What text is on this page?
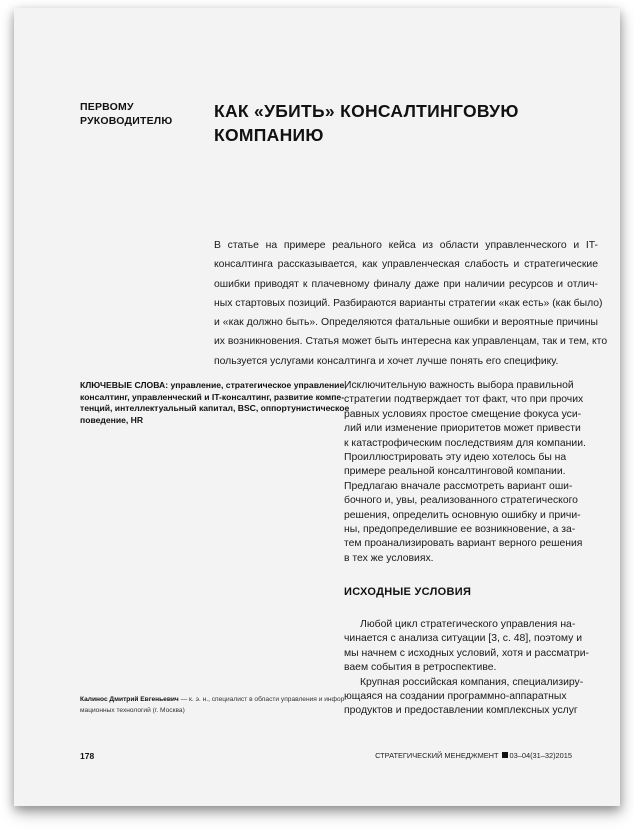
ПЕРВОМУ
РУКОВОДИТЕЛЮ	КАК «УБИТЬ» КОНСАЛТИНГОВУЮ
КОМПАНИЮ
В статье на примере реального кейса из области управленческого и IT-
консалтинга рассказывается, как управленческая слабость и стратегические
ошибки приводят к плачевному финалу даже при наличии ресурсов и отлич-
ных стартовых позиций. Разбираются варианты стратегии «как есть» (как было)
и «как должно быть». Определяются фатальные ошибки и вероятные причины
их возникновения. Статья может быть интересна как управленцам, так и тем, кто
пользуется услугами консалтинга и хочет лучше понять его специфику.
КЛЮЧЕВЫЕ СЛОВА: управление, стратегическое управление,
консалтинг, управленческий и IT-консалтинг, развитие компе-
тенций, интеллектуальный капитал, BSC, оппортунистическое
поведение, HR
Исключительную важность выбора правильной
стратегии подтверждает тот факт, что при прочих
равных условиях простое смещение фокуса уси-
лий или изменение приоритетов может привести
к катастрофическим последствиям для компании.
Проиллюстрировать эту идею хотелось бы на
примере реальной консалтинговой компании.
Предлагаю вначале рассмотреть вариант оши-
бочного и, увы, реализованного стратегического
решения, определить основную ошибку и причи-
ны, предопределившие ее возникновение, а за-
тем проанализировать вариант верного решения
в тех же условиях.
ИСХОДНЫЕ УСЛОВИЯ
Любой цикл стратегического управления на-
чинается с анализа ситуации [3, с. 48], поэтому и
мы начнем с исходных условий, хотя и рассматри-
ваем события в ретроспективе.
Крупная российская компания, специализиру-
ющаяся на создании программно-аппаратных
продуктов и предоставлении комплексных услуг
Калинос Дмитрий Евгеньевич — к. э. н., специалист в области управления и инфор-
мационных технологий (г. Москва)
178	СТРАТЕГИЧЕСКИЙ МЕНЕДЖМЕНТ 03–04(31–32)2015
